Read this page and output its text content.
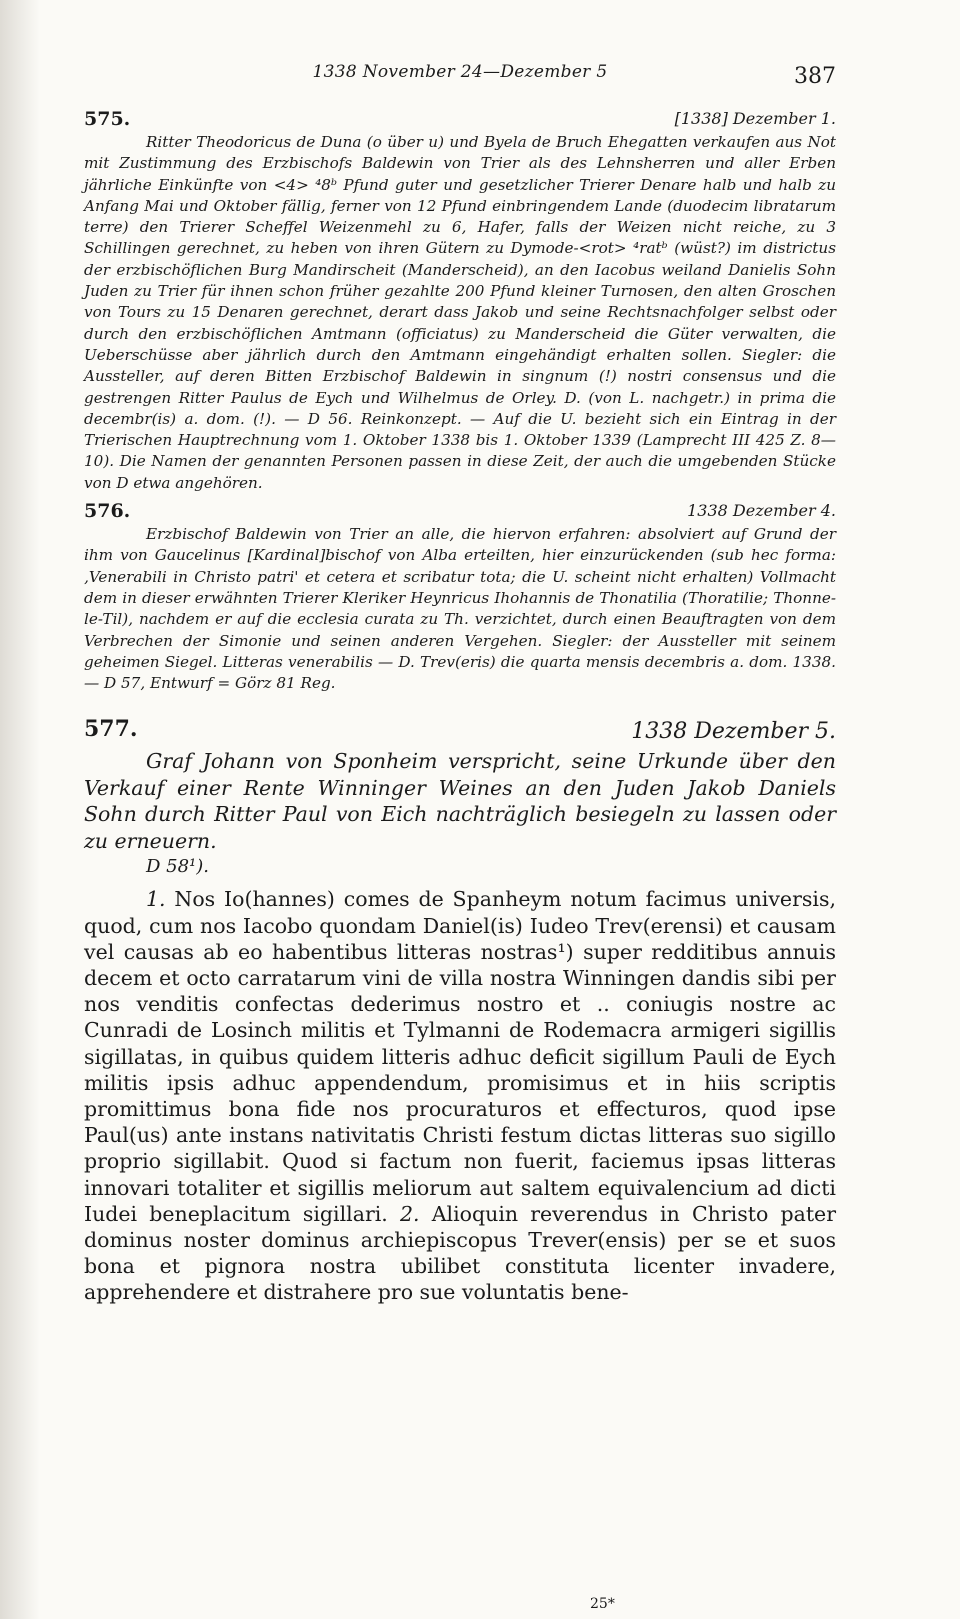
1338 November 24—Dezember 5	387
575.	[1338] Dezember 1.

Ritter Theodoricus de Duna (o über u) und Byela de Bruch Ehegatten verkaufen aus Not mit Zustimmung des Erzbischofs Baldewin von Trier als des Lehnsherren und aller Erben jährliche Einkünfte von <4> ⁴8ᵇ Pfund guter und gesetzlicher Trierer Denare halb und halb zu Anfang Mai und Oktober fällig, ferner von 12 Pfund einbringendem Lande (duodecim libratarum terre) den Trierer Scheffel Weizenmehl zu 6, Hafer, falls der Weizen nicht reiche, zu 3 Schillingen gerechnet, zu heben von ihren Gütern zu Dymode-<rot> ⁴ratᵇ (wüst?) im districtus der erzbischöflichen Burg Mandirscheit (Manderscheid), an den Iacobus weiland Danielis Sohn Juden zu Trier für ihnen schon früher gezahlte 200 Pfund kleiner Turnosen, den alten Groschen von Tours zu 15 Denaren gerechnet, derart dass Jakob und seine Rechtsnachfolger selbst oder durch den erzbischöflichen Amtmann (officiatus) zu Manderscheid die Güter verwalten, die Ueberschüsse aber jährlich durch den Amtmann eingehändigt erhalten sollen. Siegler: die Aussteller, auf deren Bitten Erzbischof Baldewin in singnum (!) nostri consensus und die gestrengen Ritter Paulus de Eych und Wilhelmus de Orley. D. (von L. nachgetr.) in prima die decembr(is) a. dom. (!). — D 56. Reinkonzept. — Auf die U. bezieht sich ein Eintrag in der Trierischen Hauptrechnung vom 1. Oktober 1338 bis 1. Oktober 1339 (Lamprecht III 425 Z. 8—10). Die Namen der genannten Personen passen in diese Zeit, der auch die umgebenden Stücke von D etwa angehören.

576.	1338 Dezember 4.

Erzbischof Baldewin von Trier an alle, die hiervon erfahren: absolviert auf Grund der ihm von Gaucelinus [Kardinal]bischof von Alba erteilten, hier einzurückenden (sub hec forma: ‚Venerabili in Christo patri' et cetera et scribatur tota; die U. scheint nicht erhalten) Vollmacht dem in dieser erwähnten Trierer Kleriker Heynricus Ihohannis de Thonatilia (Thoratilie; Thonne-le-Til), nachdem er auf die ecclesia curata zu Th. verzichtet, durch einen Beauftragten von dem Verbrechen der Simonie und seinen anderen Vergehen. Siegler: der Aussteller mit seinem geheimen Siegel. Litteras venerabilis — D. Trev(eris) die quarta mensis decembris a. dom. 1338. — D 57, Entwurf = Görz 81 Reg.

577.	1338 Dezember 5.

Graf Johann von Sponheim verspricht, seine Urkunde über den Verkauf einer Rente Winninger Weines an den Juden Jakob Daniels Sohn durch Ritter Paul von Eich nachträglich besiegeln zu lassen oder zu erneuern.

D 58¹).

1. Nos Io(hannes) comes de Spanheym notum facimus universis, quod, cum nos Iacobo quondam Daniel(is) Iudeo Trev(erensi) et causam vel causas ab eo habentibus litteras nostras¹) super redditibus annuis decem et octo carratarum vini de villa nostra Winningen dandis sibi per nos venditis confectas dederimus nostro et .. coniugis nostre ac Cunradi de Losinch militis et Tylmanni de Rodemacra armigeri sigillis sigillatas, in quibus quidem litteris adhuc deficit sigillum Pauli de Eych militis ipsis adhuc appendendum, promisimus et in hiis scriptis promittimus bona fide nos procuraturos et effecturos, quod ipse Paul(us) ante instans nativitatis Christi festum dictas litteras suo sigillo proprio sigillabit. Quod si factum non fuerit, faciemus ipsas litteras innovari totaliter et sigillis meliorum aut saltem equivalencium ad dicti Iudei beneplacitum sigillari. 2. Alioquin reverendus in Christo pater dominus noster dominus archiepiscopus Trever(ensis) per se et suos bona et pignora nostra ubilibet constituta licenter invadere, apprehendere et distrahere pro sue voluntatis bene-

25*
